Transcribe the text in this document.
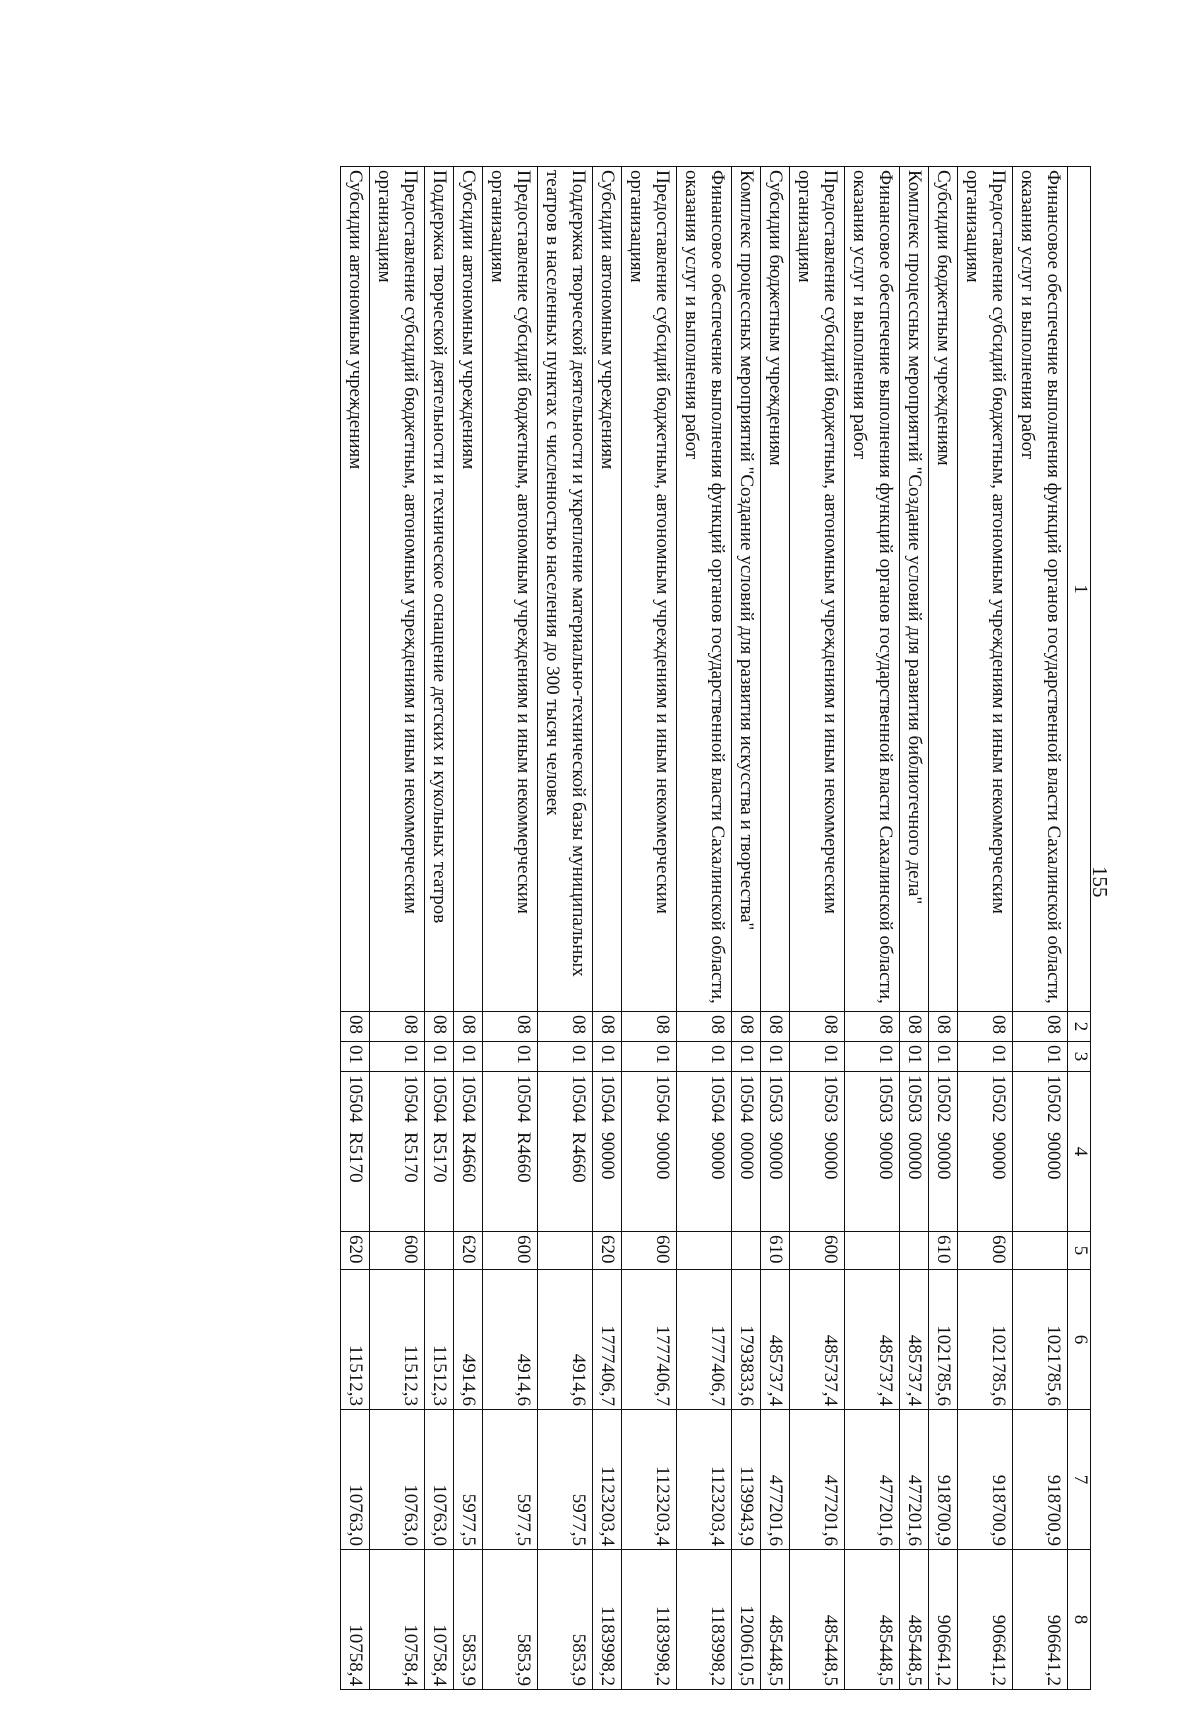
155
1	2	3	4	5	6	7	8
Финансовое обеспечение выполнения функций органов государственной власти Сахалинской области, оказания услуг и выполнения работ	08	01	10502  90000		1021785,6	918700,9	906641,2
Предоставление субсидий бюджетным, автономным учреждениям и иным некоммерческим организациям	08	01	10502  90000	600	1021785,6	918700,9	906641,2
Субсидии бюджетным учреждениям	08	01	10502  90000	610	1021785,6	918700,9	906641,2
Комплекс процессных мероприятий "Создание условий для развития библиотечного дела"	08	01	10503  00000		485737,4	477201,6	485448,5
Финансовое обеспечение выполнения функций органов государственной власти Сахалинской области, оказания услуг и выполнения работ	08	01	10503  90000		485737,4	477201,6	485448,5
Предоставление субсидий бюджетным, автономным учреждениям и иным некоммерческим организациям	08	01	10503  90000	600	485737,4	477201,6	485448,5
Субсидии бюджетным учреждениям	08	01	10503  90000	610	485737,4	477201,6	485448,5
Комплекс процессных мероприятий "Создание условий для развития искусства и творчества"	08	01	10504  00000		1793833,6	1139943,9	1200610,5
Финансовое обеспечение выполнения функций органов государственной власти Сахалинской области, оказания услуг и выполнения работ	08	01	10504  90000		1777406,7	1123203,4	1183998,2
Предоставление субсидий бюджетным, автономным учреждениям и иным некоммерческим организациям	08	01	10504  90000	600	1777406,7	1123203,4	1183998,2
Субсидии автономным учреждениям	08	01	10504  90000	620	1777406,7	1123203,4	1183998,2
Поддержка творческой деятельности и укрепление материально-технической базы муниципальных театров в населенных пунктах с численностью населения до 300 тысяч человек	08	01	10504  R4660		4914,6	5977,5	5853,9
Предоставление субсидий бюджетным, автономным учреждениям и иным некоммерческим организациям	08	01	10504  R4660	600	4914,6	5977,5	5853,9
Субсидии автономным учреждениям	08	01	10504  R4660	620	4914,6	5977,5	5853,9
Поддержка творческой деятельности и техническое оснащение детских и кукольных театров	08	01	10504  R5170		11512,3	10763,0	10758,4
Предоставление субсидий бюджетным, автономным учреждениям и иным некоммерческим организациям	08	01	10504  R5170	600	11512,3	10763,0	10758,4
Субсидии автономным учреждениям	08	01	10504  R5170	620	11512,3	10763,0	10758,4
